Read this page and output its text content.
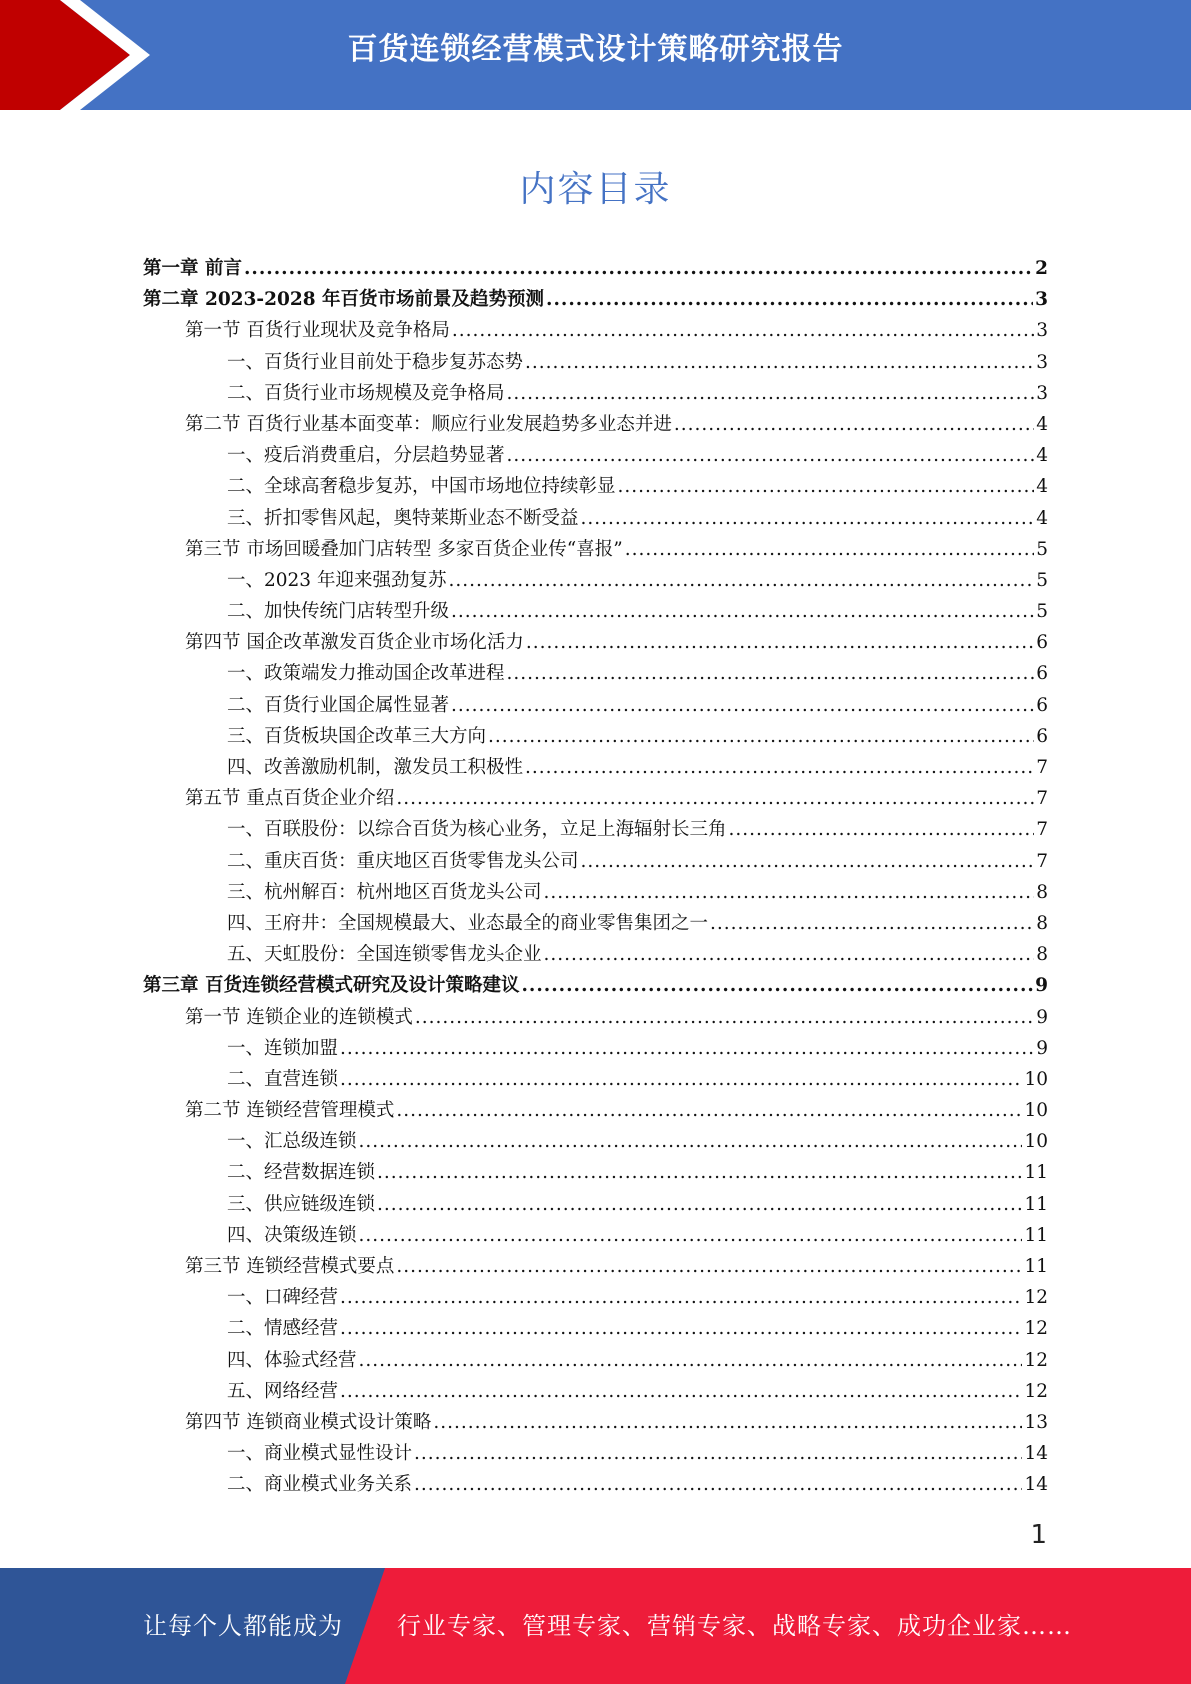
百货连锁经营模式设计策略研究报告
内容目录
第一章 前言 .....	2
第二章 2023-2028 年百货市场前景及趋势预测 .....	3
第一节 百货行业现状及竞争格局 .....	3
一、百货行业目前处于稳步复苏态势 .....	3
二、百货行业市场规模及竞争格局 .....	3
第二节 百货行业基本面变革：顺应行业发展趋势多业态并进 .....	4
一、疫后消费重启，分层趋势显著 .....	4
二、全球高奢稳步复苏，中国市场地位持续彰显 .....	4
三、折扣零售风起，奥特莱斯业态不断受益 .....	4
第三节 市场回暖叠加门店转型 多家百货企业传“喜报” .....	5
一、2023 年迎来强劲复苏 .....	5
二、加快传统门店转型升级 .....	5
第四节 国企改革激发百货企业市场化活力 .....	6
一、政策端发力推动国企改革进程 .....	6
二、百货行业国企属性显著 .....	6
三、百货板块国企改革三大方向 .....	6
四、改善激励机制，激发员工积极性 .....	7
第五节 重点百货企业介绍 .....	7
一、百联股份：以综合百货为核心业务，立足上海辐射长三角 .....	7
二、重庆百货：重庆地区百货零售龙头公司 .....	7
三、杭州解百：杭州地区百货龙头公司 .....	8
四、王府井：全国规模最大、业态最全的商业零售集团之一 .....	8
五、天虹股份：全国连锁零售龙头企业 .....	8
第三章 百货连锁经营模式研究及设计策略建议 .....	9
第一节 连锁企业的连锁模式 .....	9
一、连锁加盟 .....	9
二、直营连锁 .....	10
第二节 连锁经营管理模式 .....	10
一、汇总级连锁 .....	10
二、经营数据连锁 .....	11
三、供应链级连锁 .....	11
四、决策级连锁 .....	11
第三节 连锁经营模式要点 .....	11
一、口碑经营 .....	12
二、情感经营 .....	12
四、体验式经营 .....	12
五、网络经营 .....	12
第四节 连锁商业模式设计策略 .....	13
一、商业模式显性设计 .....	14
二、商业模式业务关系 .....	14
1
让每个人都能成为 行业专家、管理专家、营销专家、战略专家、成功企业家……
